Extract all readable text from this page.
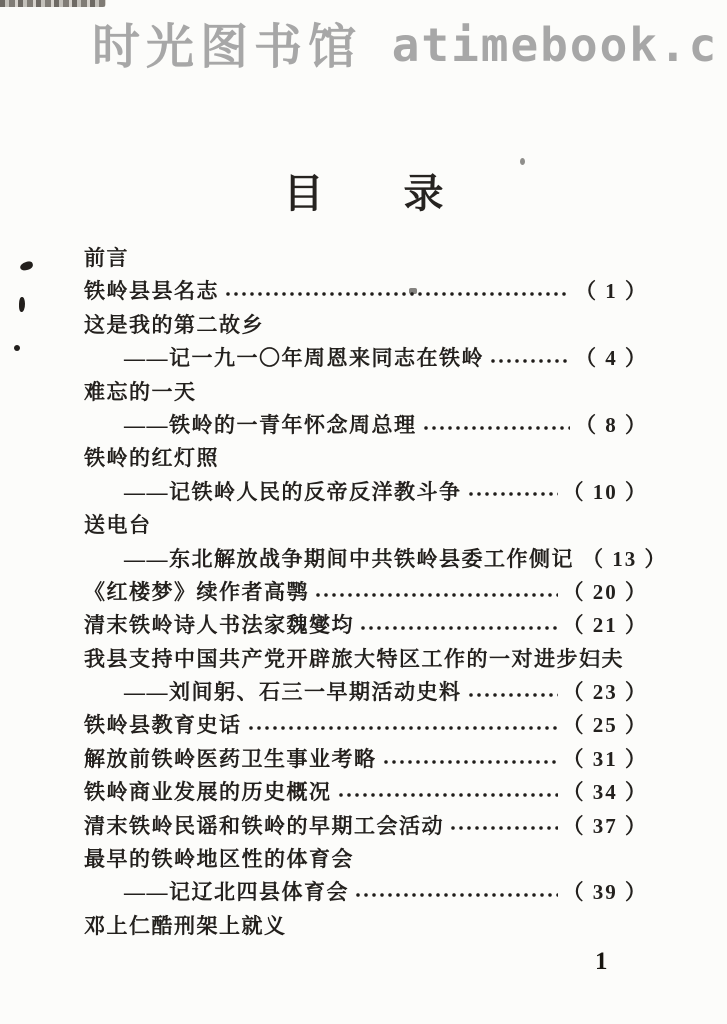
时光图书馆 atimebook.c
目　　录
前言
铁岭县县名志	（ 1 ）
这是我的第二故乡
——记一九一〇年周恩来同志在铁岭	（ 4 ）
难忘的一天
——铁岭的一青年怀念周总理	（ 8 ）
铁岭的红灯照
——记铁岭人民的反帝反洋教斗争	（ 10 ）
送电台
——东北解放战争期间中共铁岭县委工作侧记 （ 13 ）
《红楼梦》续作者高鹗	（ 20 ）
清末铁岭诗人书法家魏燮均	（ 21 ）
我县支持中国共产党开辟旅大特区工作的一对进步妇夫
——刘间躬、石三一早期活动史料	（ 23 ）
铁岭县教育史话	（ 25 ）
解放前铁岭医药卫生事业考略	（ 31 ）
铁岭商业发展的历史概况	（ 34 ）
清末铁岭民谣和铁岭的早期工会活动	（ 37 ）
最早的铁岭地区性的体育会
——记辽北四县体育会	（ 39 ）
邓上仁酷刑架上就义
1
